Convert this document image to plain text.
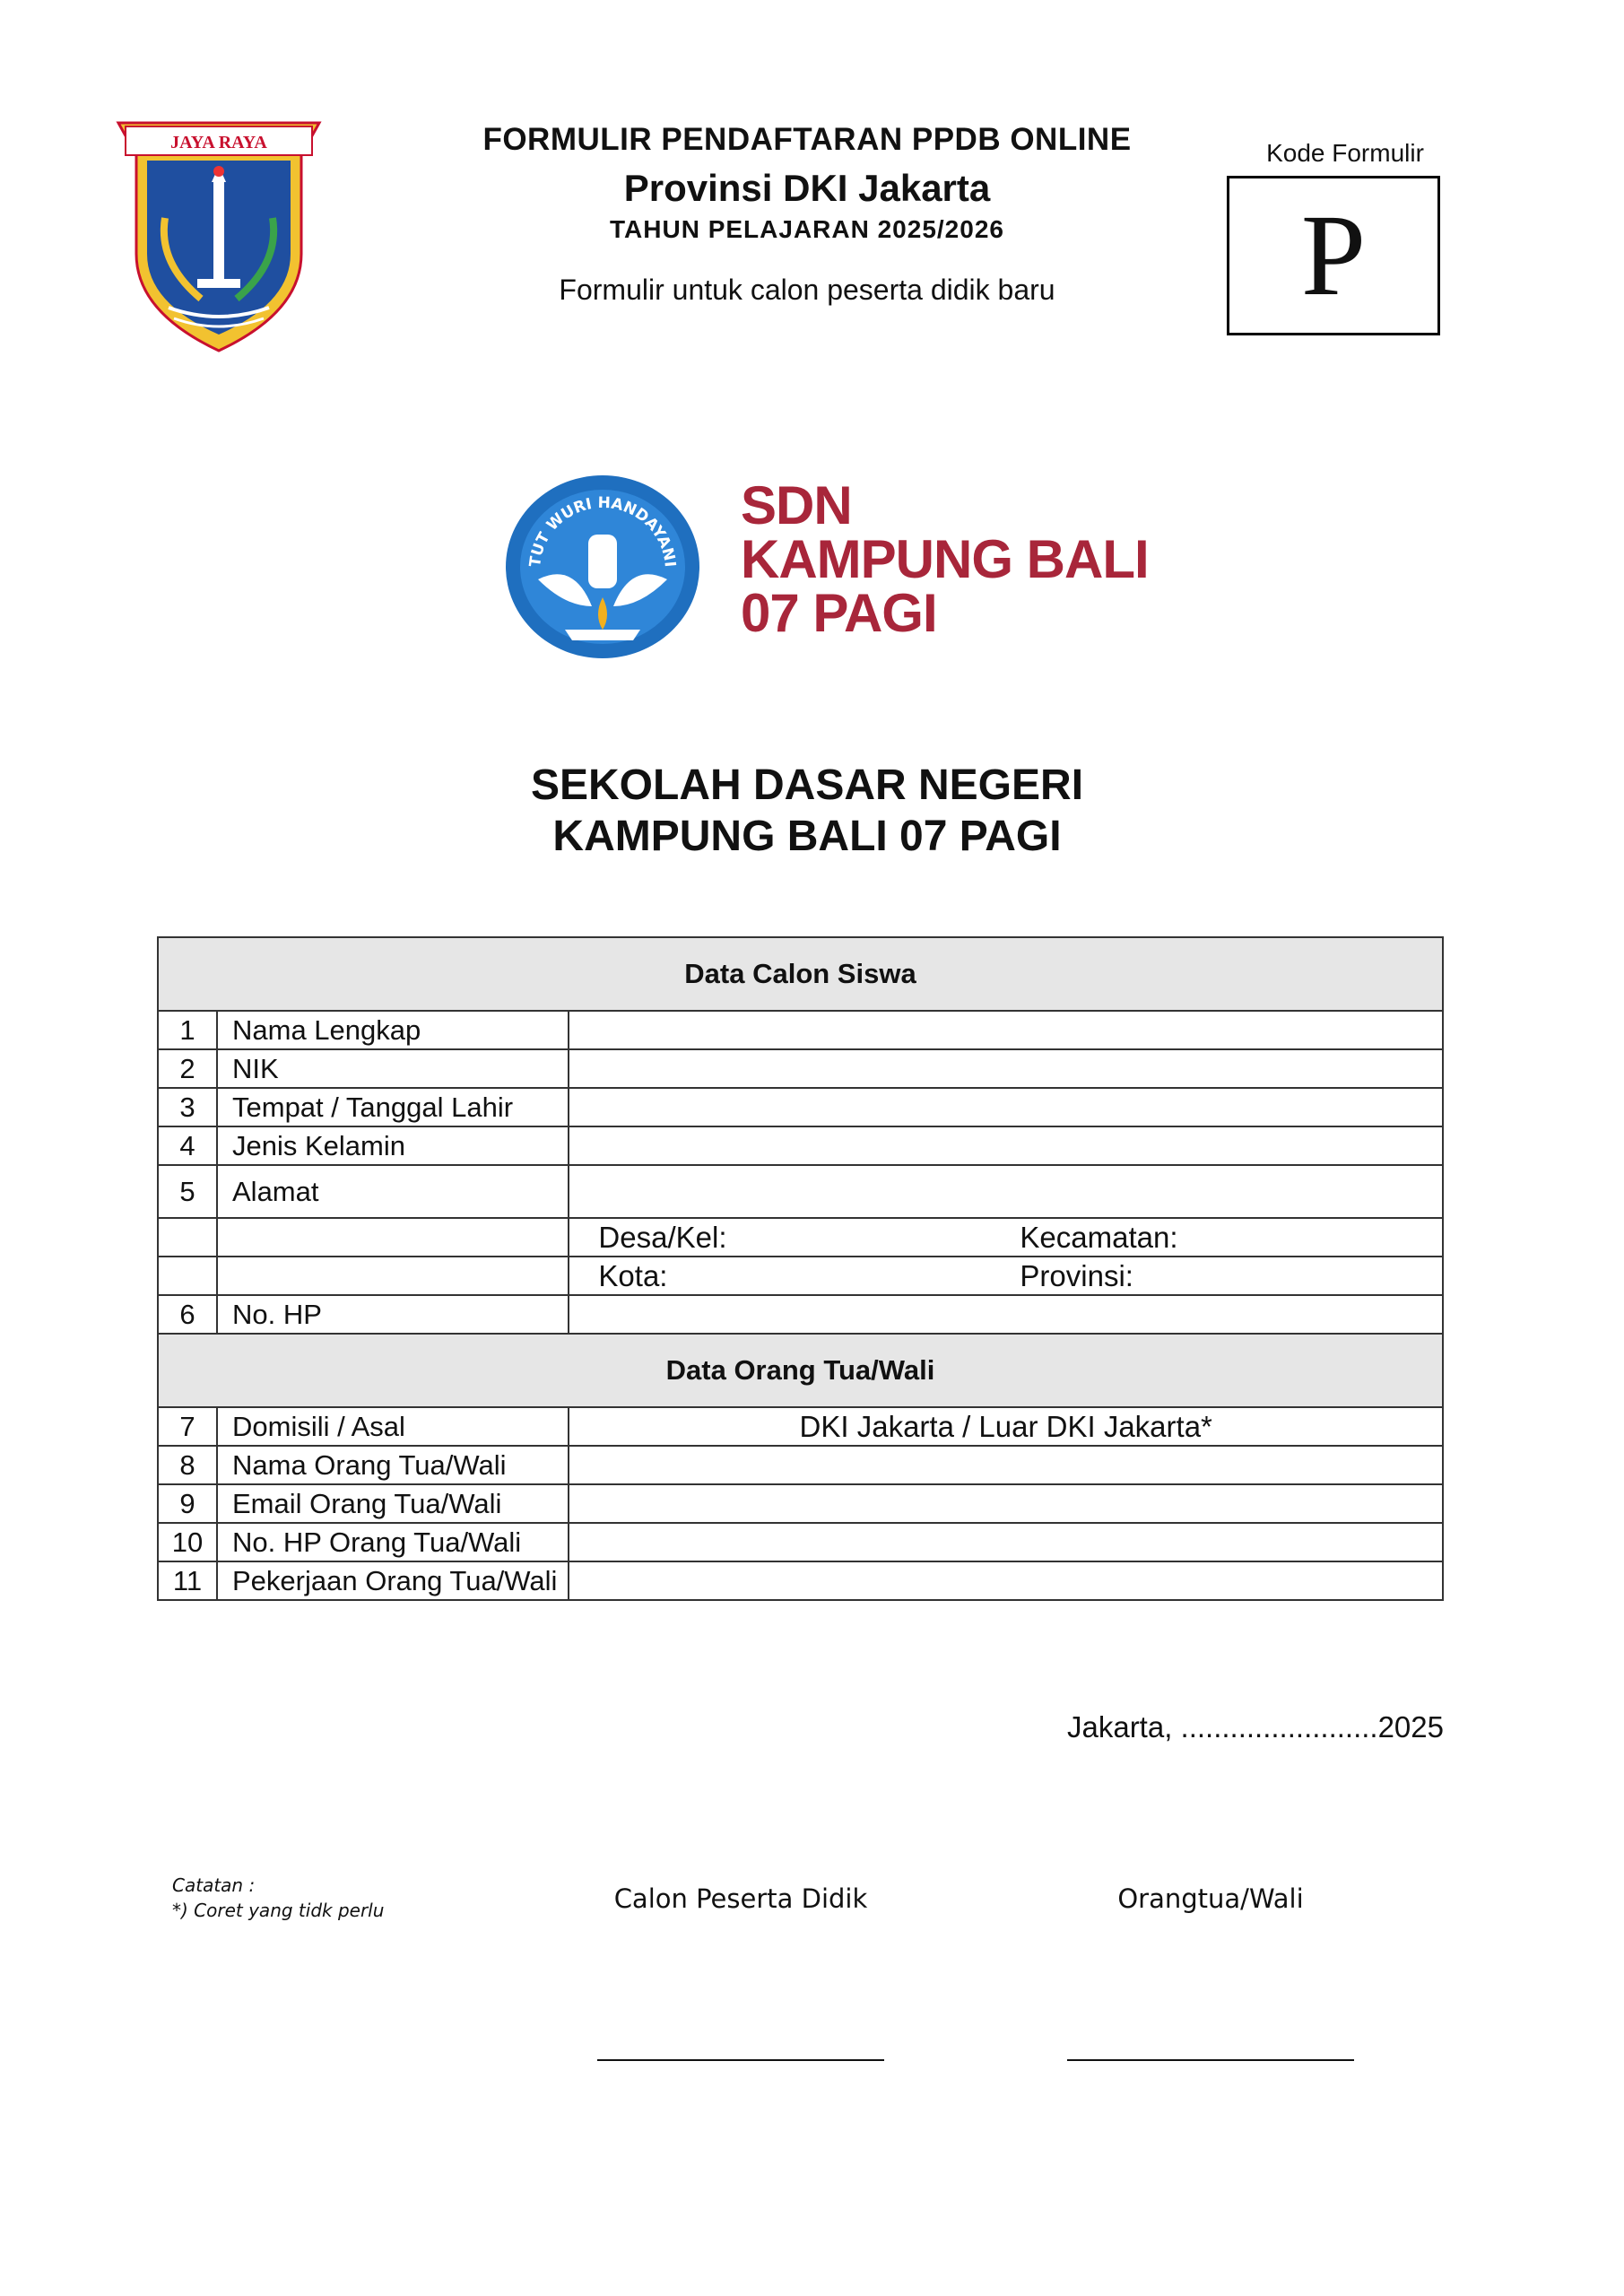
JAYA RAYA	FORMULIR PENDAFTARAN PPDB ONLINE
Provinsi DKI Jakarta
TAHUN PELAJARAN 2025/2026
Formulir untuk calon peserta didik baru
Kode Formulir
P
TUT WURI HANDAYANI
SDN
KAMPUNG BALI
07 PAGI
SEKOLAH DASAR NEGERI
KAMPUNG BALI 07 PAGI
Data Calon Siswa		
1	Nama Lengkap	
2	NIK	
3	Tempat / Tanggal Lahir	
4	Jenis Kelamin	
5	Alamat	
		Desa/Kel: Kecamatan:
		Kota: Provinsi:
6	No. HP	
Data Orang Tua/Wali		
7	Domisili / Asal	DKI Jakarta / Luar DKI Jakarta*
8	Nama Orang Tua/Wali	
9	Email Orang Tua/Wali	
10	No. HP Orang Tua/Wali	
11	Pekerjaan Orang Tua/Wali	
Jakarta, ........................2025
Catatan :
*) Coret yang tidk perlu	Calon Peserta Didik	Orangtua/Wali
